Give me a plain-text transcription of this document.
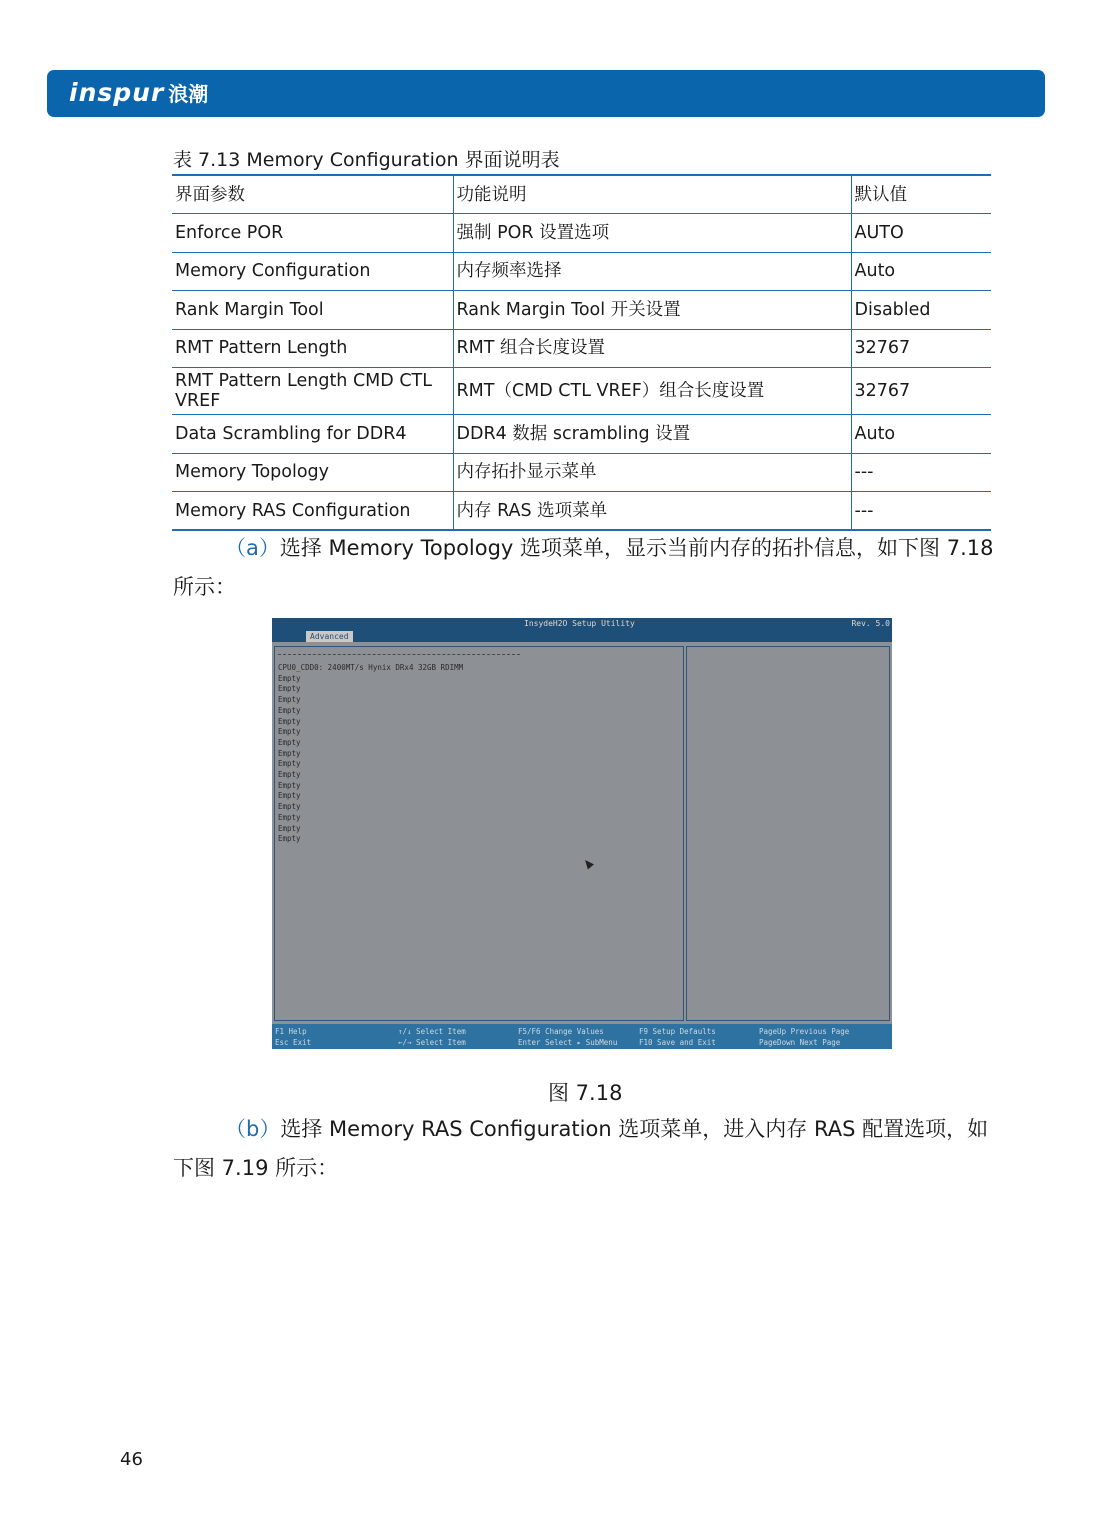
inspur 浪潮
表 7.13 Memory Configuration 界面说明表
界面参数	功能说明	默认值
Enforce POR	强制 POR 设置选项	AUTO
Memory Configuration	内存频率选择	Auto
Rank Margin Tool	Rank Margin Tool 开关设置	Disabled
RMT Pattern Length	RMT 组合长度设置	32767
RMT Pattern Length CMD CTL VREF	RMT（CMD CTL VREF）组合长度设置	32767
Data Scrambling for DDR4	DDR4 数据 scrambling 设置	Auto
Memory Topology	内存拓扑显示菜单	---
Memory RAS Configuration	内存 RAS 选项菜单	---
（a）选择 Memory Topology 选项菜单，显示当前内存的拓扑信息，如下图 7.18
所示：
InsydeH2O Setup Utility	Rev. 5.0
Advanced
CPU0_CDD0: 2400MT/s Hynix DRx4 32GB RDIMM
Empty
Empty
Empty
Empty
Empty
Empty
Empty
Empty
Empty
Empty
Empty
Empty
Empty
Empty
Empty
Empty
F1 Help
Esc Exit
↑/↓ Select Item
←/→ Select Item
F5/F6 Change Values
Enter Select ▸ SubMenu
F9 Setup Defaults
F10 Save and Exit
PageUp Previous Page
PageDown Next Page
图 7.18
（b）选择 Memory RAS Configuration 选项菜单，进入内存 RAS 配置选项，如
下图 7.19 所示：
46
